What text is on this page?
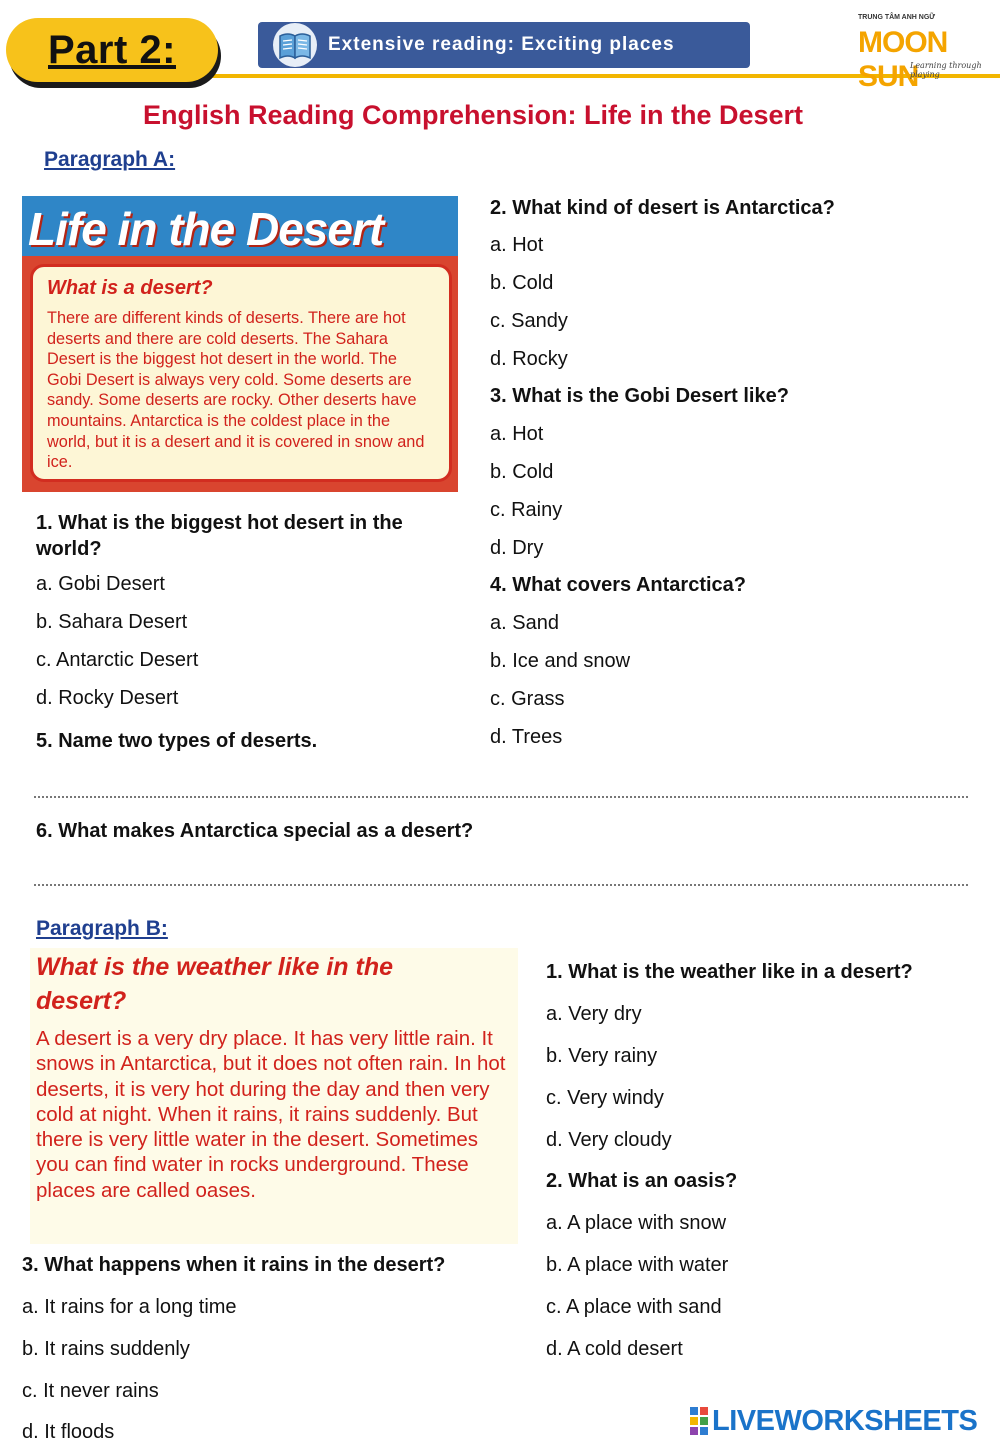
Part 2:	Extensive reading: Exciting places
TRUNG TÂM ANH NGỮ
MOON SUN
Learning through playing
English Reading Comprehension: Life in the Desert
Paragraph A:
Life in the Desert
What is a desert?
There are different kinds of deserts. There are hot deserts and there are cold deserts. The Sahara Desert is the biggest hot desert in the world. The Gobi Desert is always very cold. Some deserts are sandy. Some deserts are rocky. Other deserts have mountains. Antarctica is the coldest place in the world, but it is a desert and it is covered in snow and ice.
1. What is the biggest hot desert in the world?
a. Gobi Desert
b. Sahara Desert
c. Antarctic Desert
d. Rocky Desert
2. What kind of desert is Antarctica?
a. Hot
b. Cold
c. Sandy
d. Rocky
3. What is the Gobi Desert like?
a. Hot
b. Cold
c. Rainy
d. Dry
4. What covers Antarctica?
a. Sand
b. Ice and snow
c. Grass
d. Trees
5. Name two types of deserts.
6. What makes Antarctica special as a desert?
Paragraph B:
What is the weather like in the desert?
A desert is a very dry place. It has very little rain. It snows in Antarctica, but it does not often rain. In hot deserts, it is very hot during the day and then very cold at night. When it rains, it rains suddenly. But there is very little water in the desert. Sometimes you can find water in rocks underground. These places are called oases.
1. What is the weather like in a desert?
a. Very dry
b. Very rainy
c. Very windy
d. Very cloudy
2. What is an oasis?
a. A place with snow
b. A place with water
c. A place with sand
d. A cold desert
3. What happens when it rains in the desert?
a. It rains for a long time
b. It rains suddenly
c. It never rains
d. It floods	LIVEWORKSHEETS
